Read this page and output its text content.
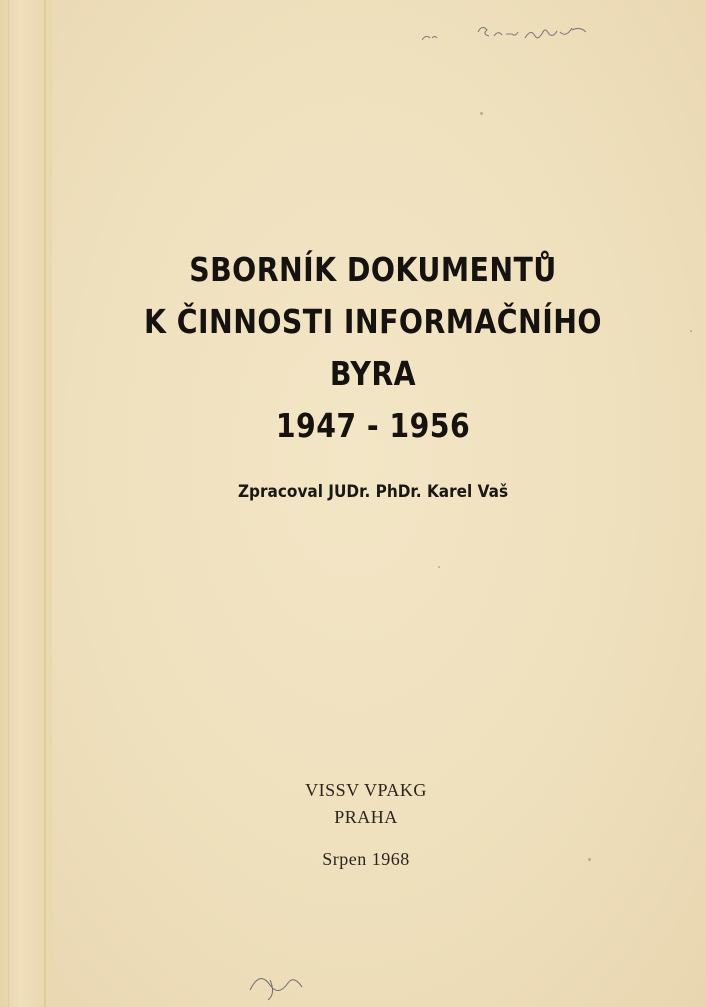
SBORNÍK DOKUMENTŮ
K ČINNOSTI INFORMAČNÍHO BYRA
1947 - 1956
Zpracoval JUDr. PhDr. Karel Vaš
VISSV VPAKG
PRAHA
Srpen 1968
